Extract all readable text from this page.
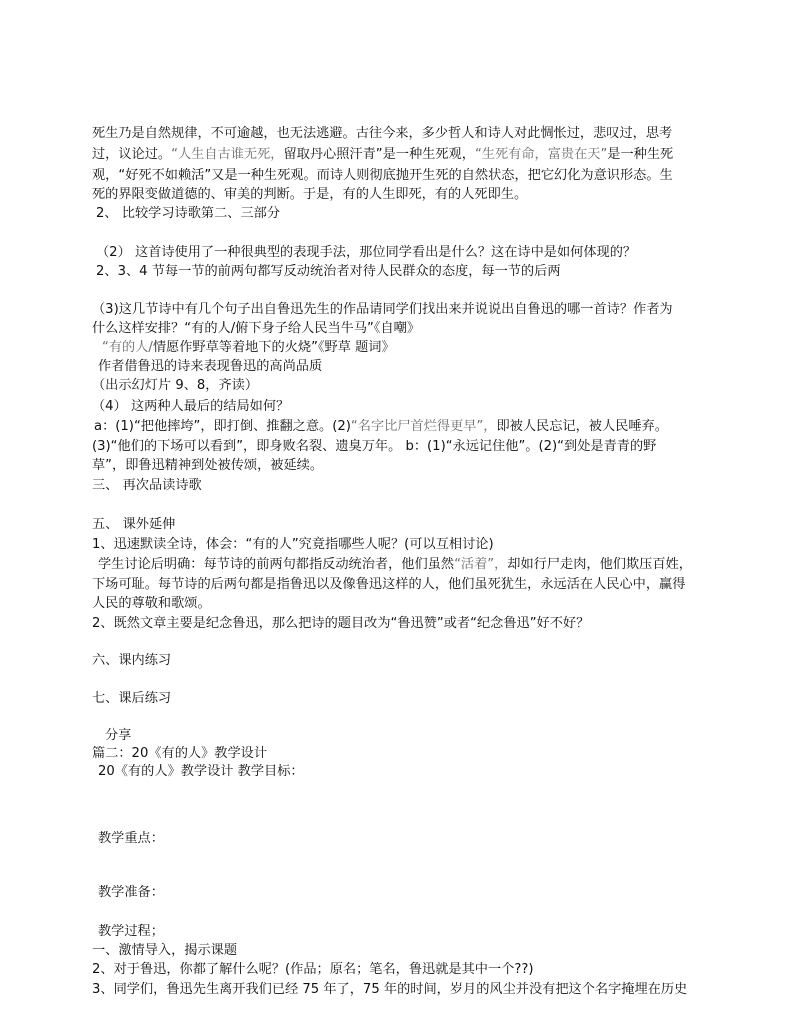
死生乃是自然规律，不可逾越，也无法逃避。古往今来，多少哲人和诗人对此惆怅过，悲叹过，思考
过，议论过。“人生自古谁无死，留取丹心照汗青”是一种生死观，“生死有命，富贵在天”是一种生死
观，“好死不如赖活”又是一种生死观。而诗人则彻底抛开生死的自然状态，把它幻化为意识形态。生
死的界限变做道德的、审美的判断。于是，有的人生即死，有的人死即生。
2、 比较学习诗歌第二、三部分
（2） 这首诗使用了一种很典型的表现手法，那位同学看出是什么？这在诗中是如何体现的？
2、3、4 节每一节的前两句都写反动统治者对待人民群众的态度，每一节的后两
（3)这几节诗中有几个句子出自鲁迅先生的作品请同学们找出来并说说出自鲁迅的哪一首诗？作者为
什么这样安排？“有的人/俯下身子给人民当牛马”《自嘲》
“有的人/情愿作野草等着地下的火烧”《野草 题词》
作者借鲁迅的诗来表现鲁迅的高尚品质
（出示幻灯片 9、8，齐读）
（4） 这两种人最后的结局如何？
a：(1)“把他摔垮”，即打倒、推翻之意。(2)“名字比尸首烂得更早”，即被人民忘记，被人民唾弃。
(3)“他们的下场可以看到”，即身败名裂、遗臭万年。 b：(1)“永远记住他”。(2)“到处是青青的野
草”，即鲁迅精神到处被传颂，被延续。
三、 再次品读诗歌
五、 课外延伸
1、迅速默读全诗，体会：“有的人”究竟指哪些人呢？(可以互相讨论)
学生讨论后明确：每节诗的前两句都指反动统治者，他们虽然“活着”，却如行尸走肉，他们欺压百姓，
下场可耻。每节诗的后两句都是指鲁迅以及像鲁迅这样的人，他们虽死犹生，永远活在人民心中，赢得
人民的尊敬和歌颂。
2、既然文章主要是纪念鲁迅，那么把诗的题目改为“鲁迅赞”或者“纪念鲁迅”好不好？
六、课内练习
七、课后练习
分享
篇二：20《有的人》教学设计
20《有的人》教学设计 教学目标：
教学重点：
教学准备：
教学过程；
一、激情导入，揭示课题
2、对于鲁迅，你都了解什么呢？(作品；原名；笔名，鲁迅就是其中一个??)
3、同学们，鲁迅先生离开我们已经 75 年了，75 年的时间，岁月的风尘并没有把这个名字掩埋在历史
